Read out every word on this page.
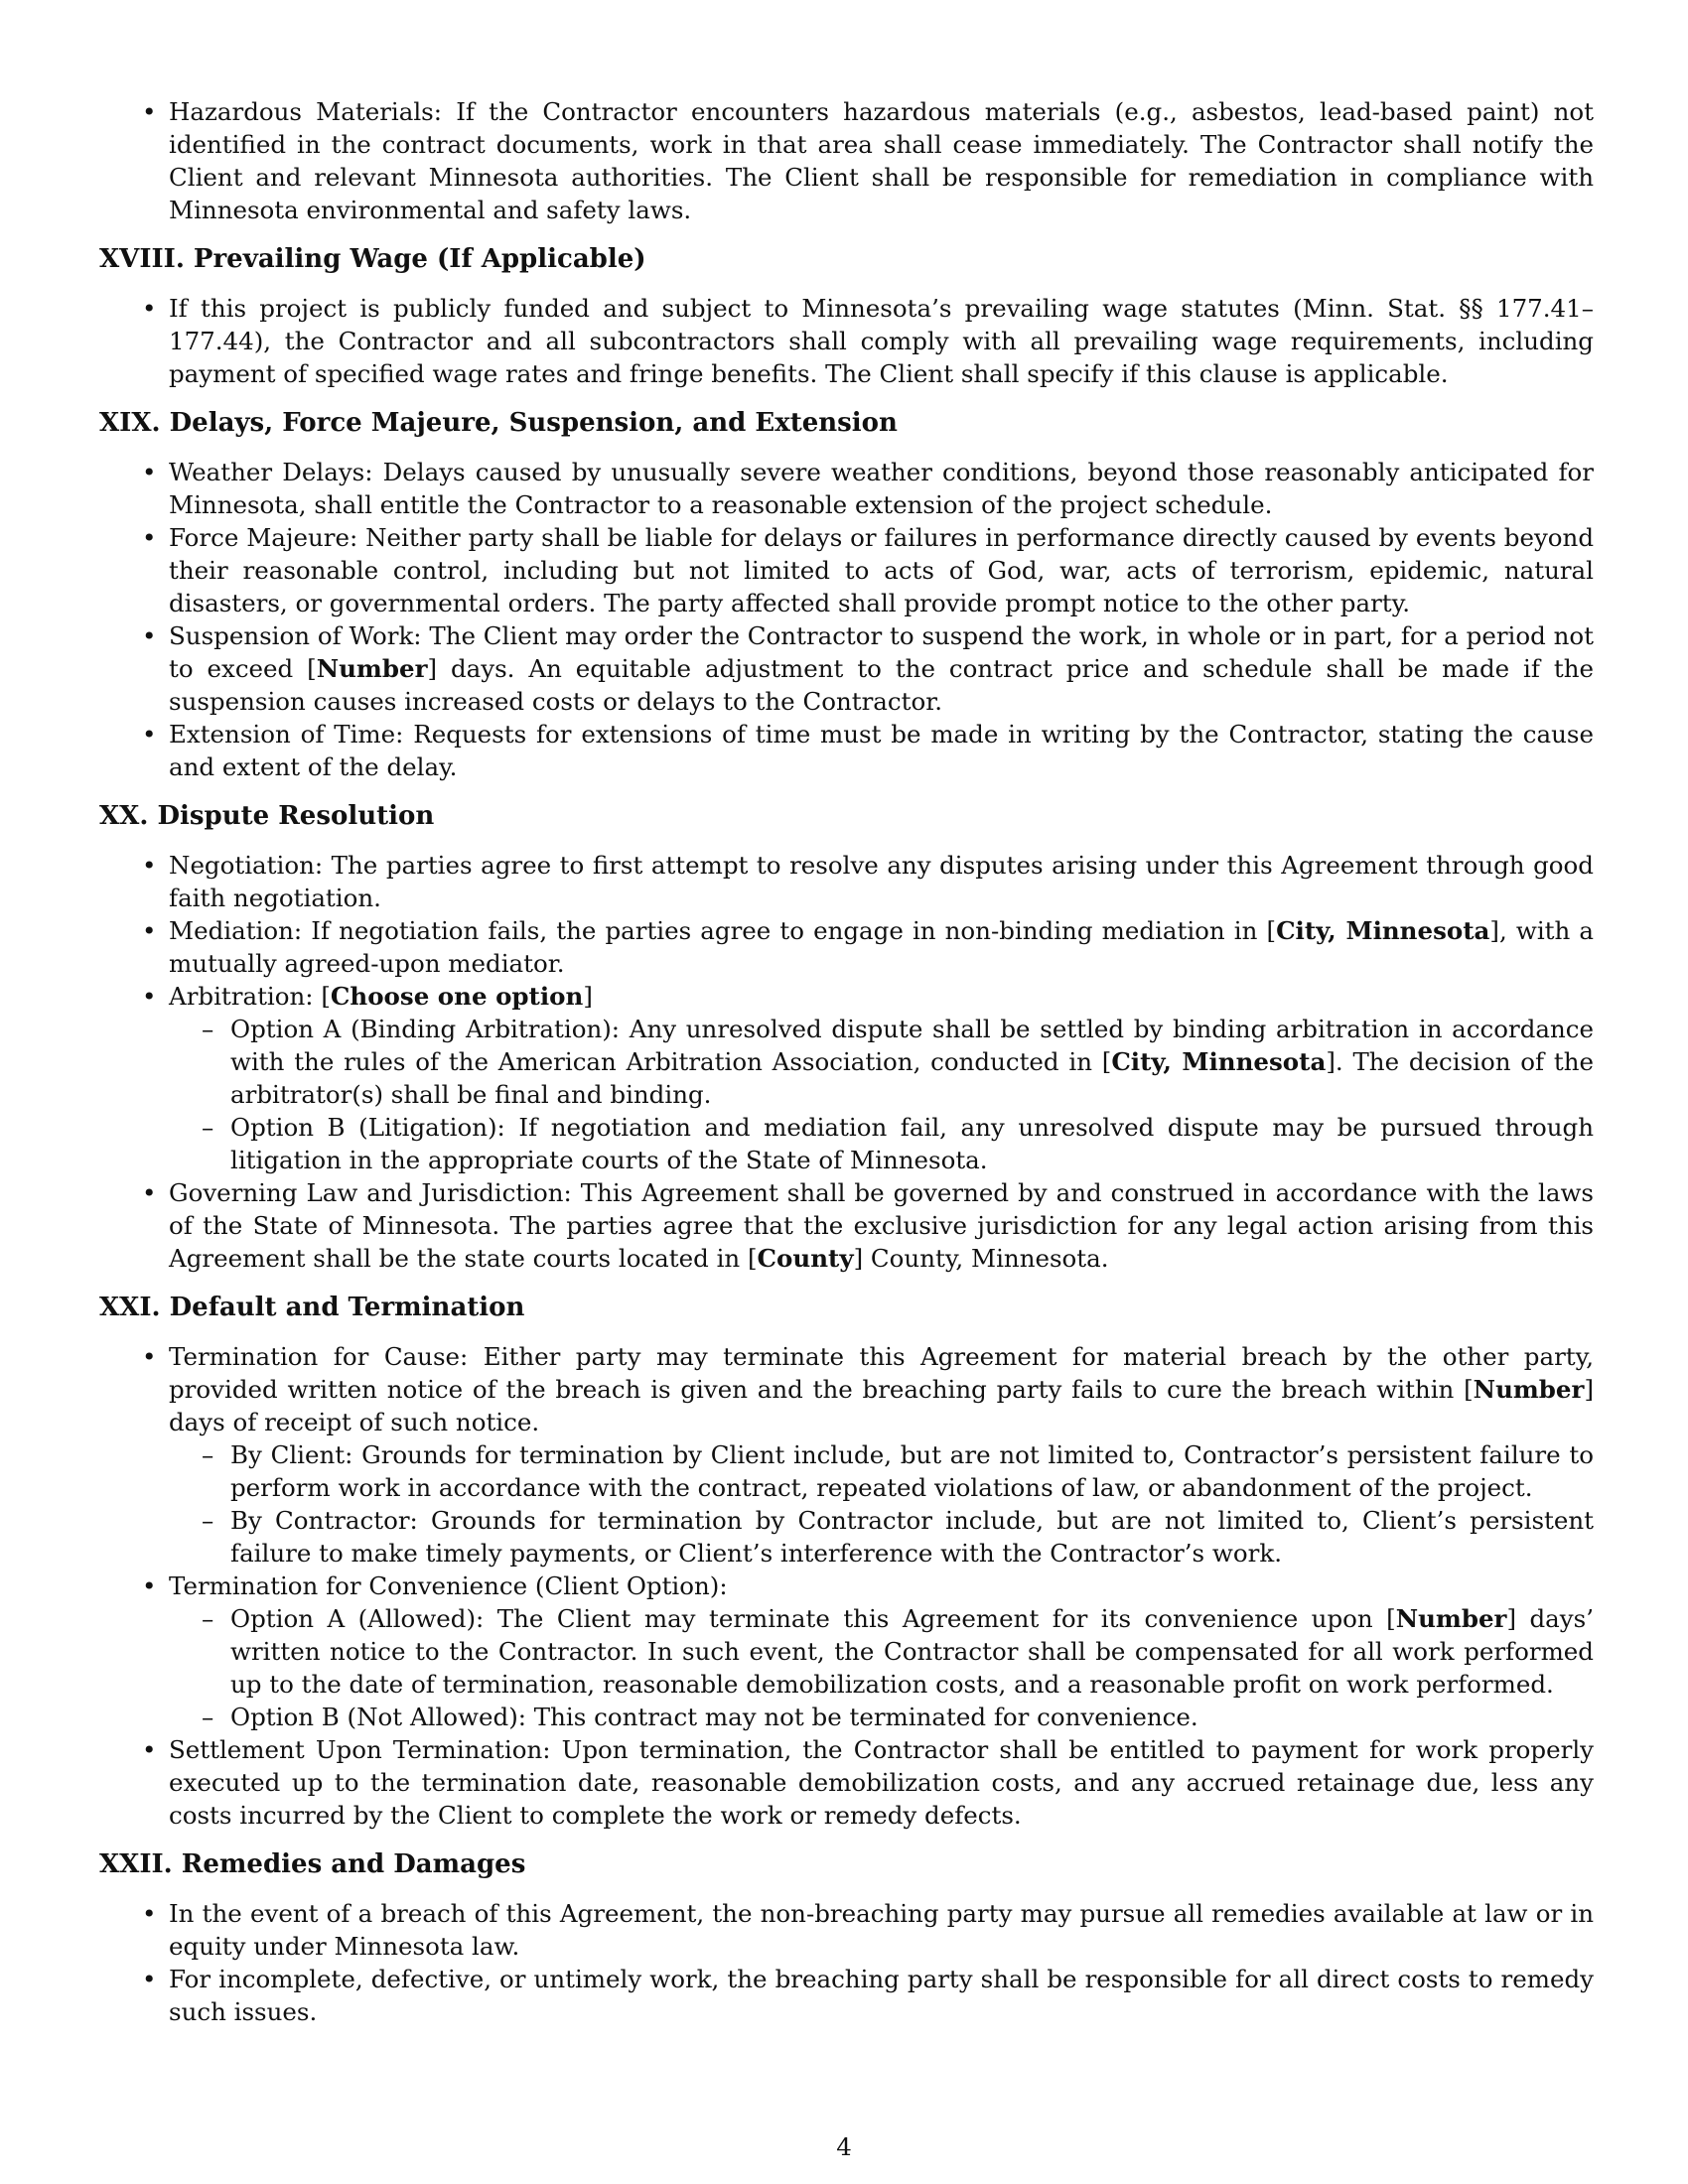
• Hazardous Materials: If the Contractor encounters hazardous materials (e.g., asbestos, lead-based paint) not identified in the contract documents, work in that area shall cease immediately. The Contractor shall notify the Client and relevant Minnesota authorities. The Client shall be responsible for remediation in compliance with Minnesota environmental and safety laws.
XVIII. Prevailing Wage (If Applicable)
• If this project is publicly funded and subject to Minnesota’s prevailing wage statutes (Minn. Stat. §§ 177.41–177.44), the Contractor and all subcontractors shall comply with all prevailing wage requirements, including payment of specified wage rates and fringe benefits. The Client shall specify if this clause is applicable.
XIX. Delays, Force Majeure, Suspension, and Extension
• Weather Delays: Delays caused by unusually severe weather conditions, beyond those reasonably anticipated for Minnesota, shall entitle the Contractor to a reasonable extension of the project schedule.
• Force Majeure: Neither party shall be liable for delays or failures in performance directly caused by events beyond their reasonable control, including but not limited to acts of God, war, acts of terrorism, epidemic, natural disasters, or governmental orders. The party affected shall provide prompt notice to the other party.
• Suspension of Work: The Client may order the Contractor to suspend the work, in whole or in part, for a period not to exceed [Number] days. An equitable adjustment to the contract price and schedule shall be made if the suspension causes increased costs or delays to the Contractor.
• Extension of Time: Requests for extensions of time must be made in writing by the Contractor, stating the cause and extent of the delay.
XX. Dispute Resolution
• Negotiation: The parties agree to first attempt to resolve any disputes arising under this Agreement through good faith negotiation.
• Mediation: If negotiation fails, the parties agree to engage in non-binding mediation in [City, Minnesota], with a mutually agreed-upon mediator.
• Arbitration: [Choose one option]
– Option A (Binding Arbitration): Any unresolved dispute shall be settled by binding arbitration in accordance with the rules of the American Arbitration Association, conducted in [City, Minnesota]. The decision of the arbitrator(s) shall be final and binding.
– Option B (Litigation): If negotiation and mediation fail, any unresolved dispute may be pursued through litigation in the appropriate courts of the State of Minnesota.
• Governing Law and Jurisdiction: This Agreement shall be governed by and construed in accordance with the laws of the State of Minnesota. The parties agree that the exclusive jurisdiction for any legal action arising from this Agreement shall be the state courts located in [County] County, Minnesota.
XXI. Default and Termination
• Termination for Cause: Either party may terminate this Agreement for material breach by the other party, provided written notice of the breach is given and the breaching party fails to cure the breach within [Number] days of receipt of such notice.
– By Client: Grounds for termination by Client include, but are not limited to, Contractor’s persistent failure to perform work in accordance with the contract, repeated violations of law, or abandonment of the project.
– By Contractor: Grounds for termination by Contractor include, but are not limited to, Client’s persistent failure to make timely payments, or Client’s interference with the Contractor’s work.
• Termination for Convenience (Client Option):
– Option A (Allowed): The Client may terminate this Agreement for its convenience upon [Number] days’ written notice to the Contractor. In such event, the Contractor shall be compensated for all work performed up to the date of termination, reasonable demobilization costs, and a reasonable profit on work performed.
– Option B (Not Allowed): This contract may not be terminated for convenience.
• Settlement Upon Termination: Upon termination, the Contractor shall be entitled to payment for work properly executed up to the termination date, reasonable demobilization costs, and any accrued retainage due, less any costs incurred by the Client to complete the work or remedy defects.
XXII. Remedies and Damages
• In the event of a breach of this Agreement, the non-breaching party may pursue all remedies available at law or in equity under Minnesota law.
• For incomplete, defective, or untimely work, the breaching party shall be responsible for all direct costs to remedy such issues.
4
